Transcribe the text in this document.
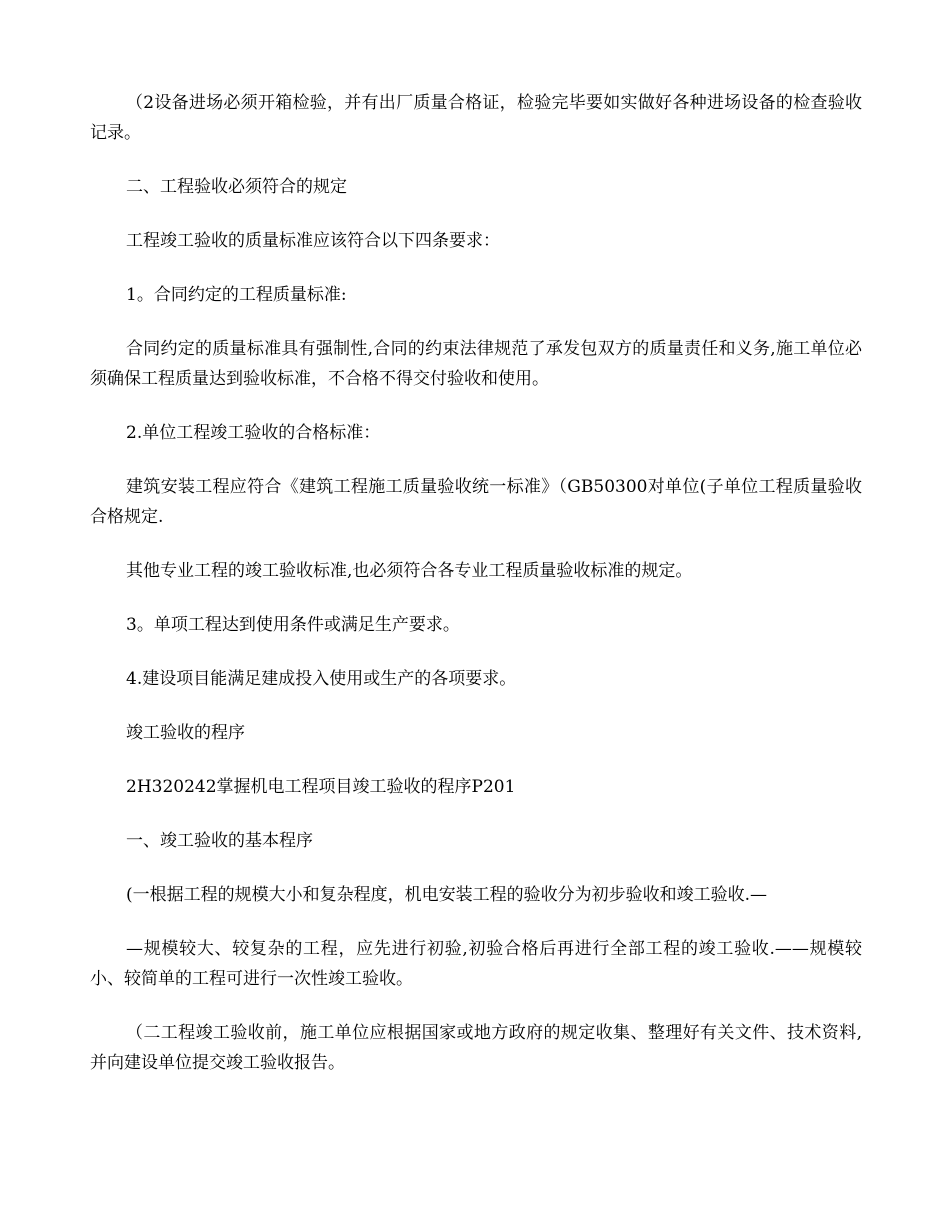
（2设备进场必须开箱检验，并有出厂质量合格证，检验完毕要如实做好各种进场设备的检查验收记录。

二、工程验收必须符合的规定

工程竣工验收的质量标准应该符合以下四条要求：

1。合同约定的工程质量标准:

合同约定的质量标准具有强制性,合同的约束法律规范了承发包双方的质量责任和义务,施工单位必须确保工程质量达到验收标准，不合格不得交付验收和使用。

2.单位工程竣工验收的合格标准：

建筑安装工程应符合《建筑工程施工质量验收统一标准》（GB50300对单位(子单位工程质量验收合格规定.

其他专业工程的竣工验收标准,也必须符合各专业工程质量验收标准的规定。

3。单项工程达到使用条件或满足生产要求。

4.建设项目能满足建成投入使用或生产的各项要求。

竣工验收的程序

2H320242掌握机电工程项目竣工验收的程序P201

一、竣工验收的基本程序

(一根据工程的规模大小和复杂程度，机电安装工程的验收分为初步验收和竣工验收.—

—规模较大、较复杂的工程，应先进行初验,初验合格后再进行全部工程的竣工验收.——规模较小、较简单的工程可进行一次性竣工验收。

（二工程竣工验收前，施工单位应根据国家或地方政府的规定收集、整理好有关文件、技术资料,并向建设单位提交竣工验收报告。
